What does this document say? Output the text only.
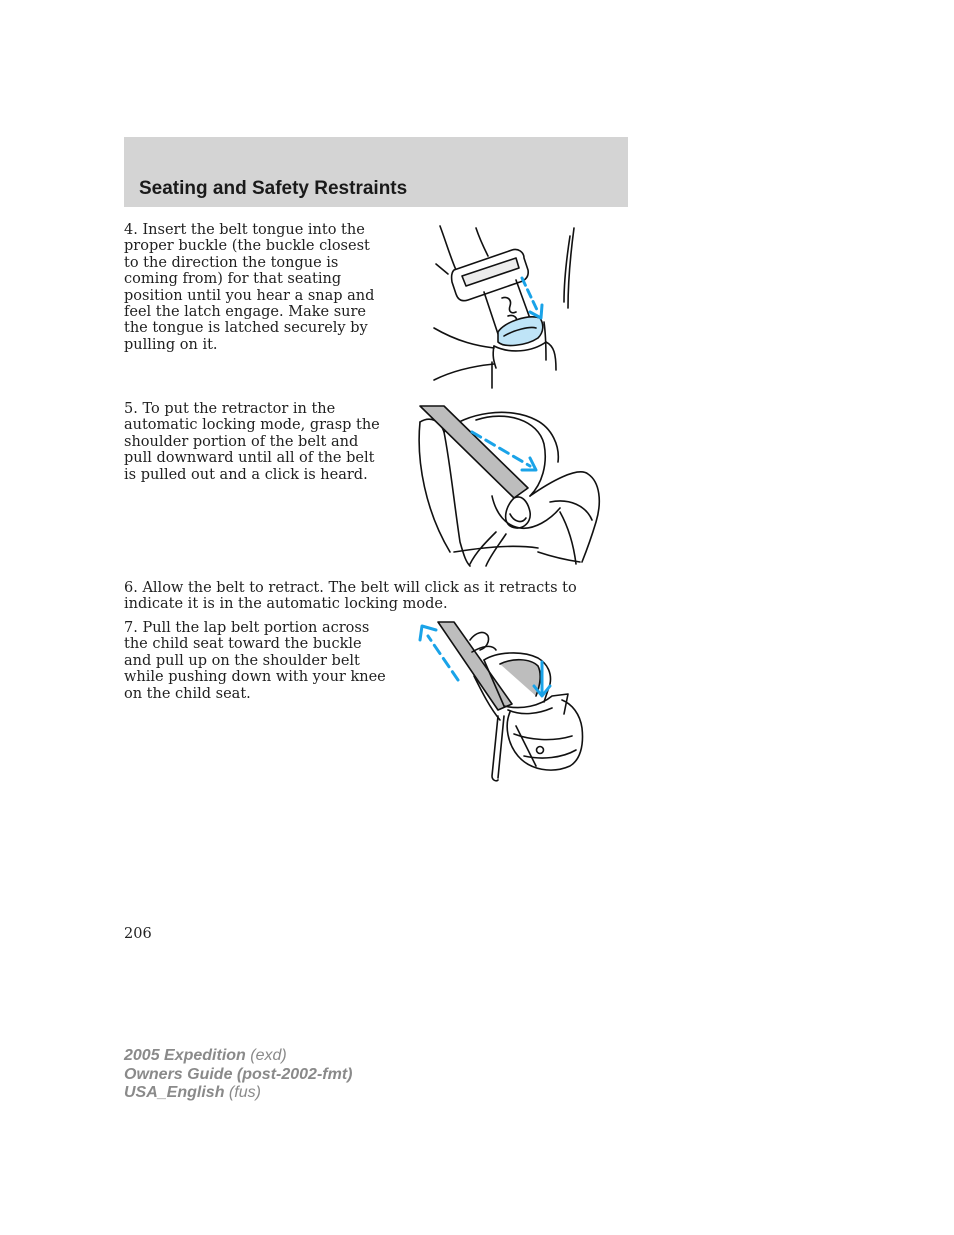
Seating and Safety Restraints

4. Insert the belt tongue into the proper buckle (the buckle closest to the direction the tongue is coming from) for that seating position until you hear a snap and feel the latch engage. Make sure the tongue is latched securely by pulling on it.

5. To put the retractor in the automatic locking mode, grasp the shoulder portion of the belt and pull downward until all of the belt is pulled out and a click is heard.

6. Allow the belt to retract. The belt will click as it retracts to indicate it is in the automatic locking mode.

7. Pull the lap belt portion across the child seat toward the buckle and pull up on the shoulder belt while pushing down with your knee on the child seat.

206
2005 Expedition (exd)
Owners Guide (post-2002-fmt)
USA_English (fus)
